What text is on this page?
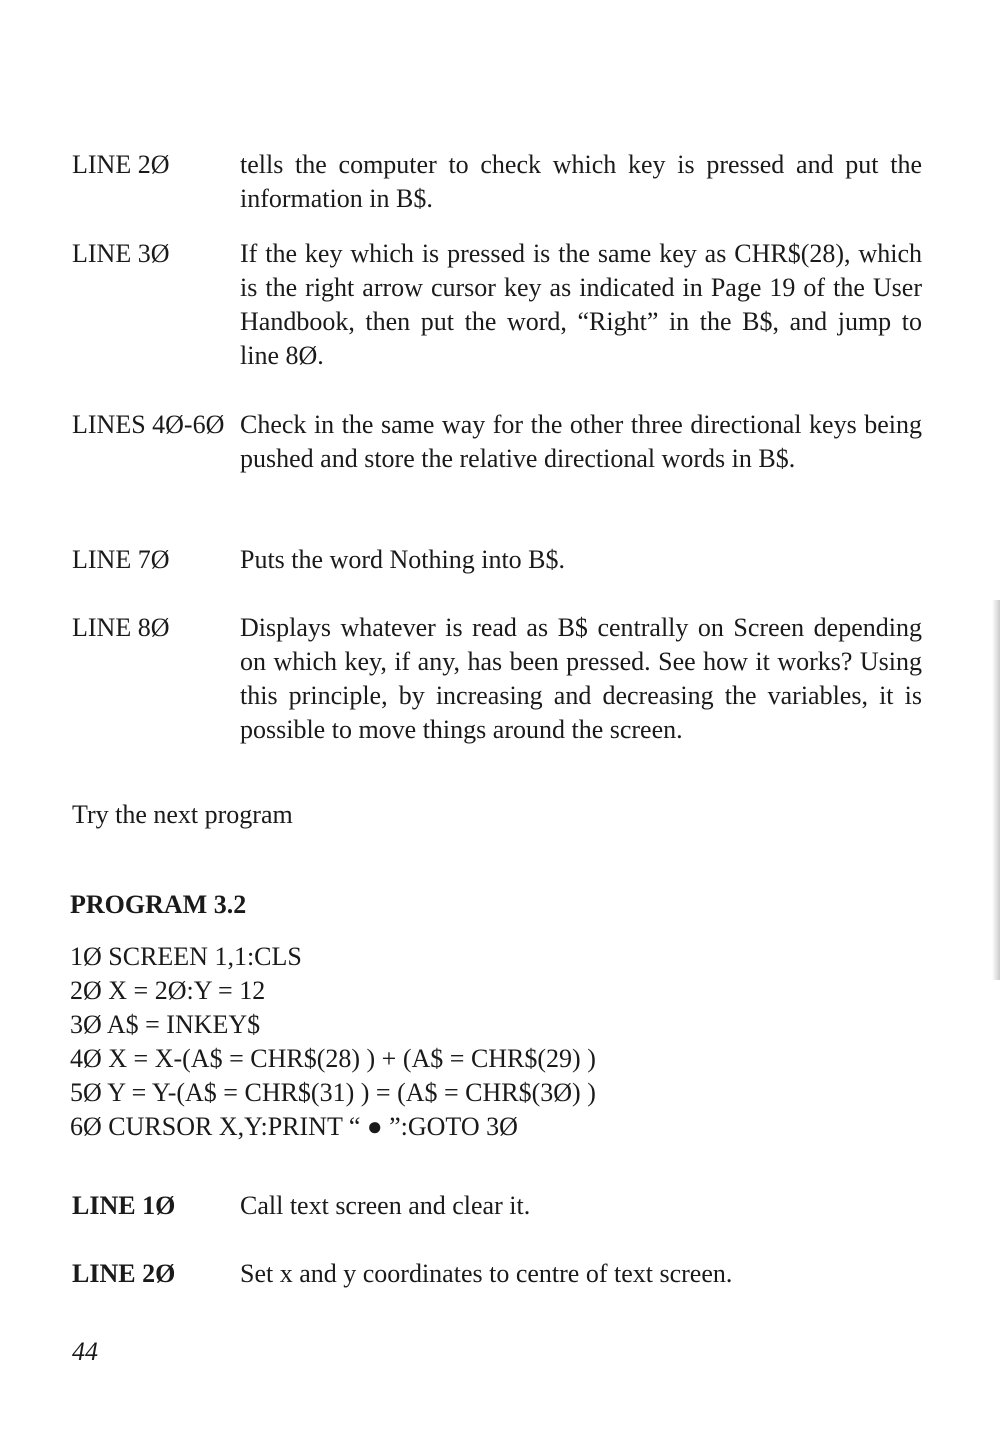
LINE 2Ø	tells the computer to check which key is pressed and put the information in B$.
LINE 3Ø	If the key which is pressed is the same key as CHR$(28), which is the right arrow cursor key as indicated in Page 19 of the User Handbook, then put the word, “Right” in the B$, and jump to line 8Ø.
LINES 4Ø-6Ø Check in the same way for the other three directional keys being pushed and store the relative directional words in B$.
LINE 7Ø	Puts the word Nothing into B$.
LINE 8Ø	Displays whatever is read as B$ centrally on Screen depending on which key, if any, has been pressed. See how it works? Using this principle, by increasing and decreasing the variables, it is possible to move things around the screen.
Try the next program
PROGRAM 3.2
1Ø SCREEN 1,1:CLS
2Ø X = 2Ø:Y = 12
3Ø A$ = INKEY$
4Ø X = X-(A$ = CHR$(28) ) + (A$ = CHR$(29) )
5Ø Y = Y-(A$ = CHR$(31) ) = (A$ = CHR$(3Ø) )
6Ø CURSOR X,Y:PRINT “ ● ”:GOTO 3Ø
LINE 1Ø Call text screen and clear it.
LINE 2Ø Set x and y coordinates to centre of text screen.
44
